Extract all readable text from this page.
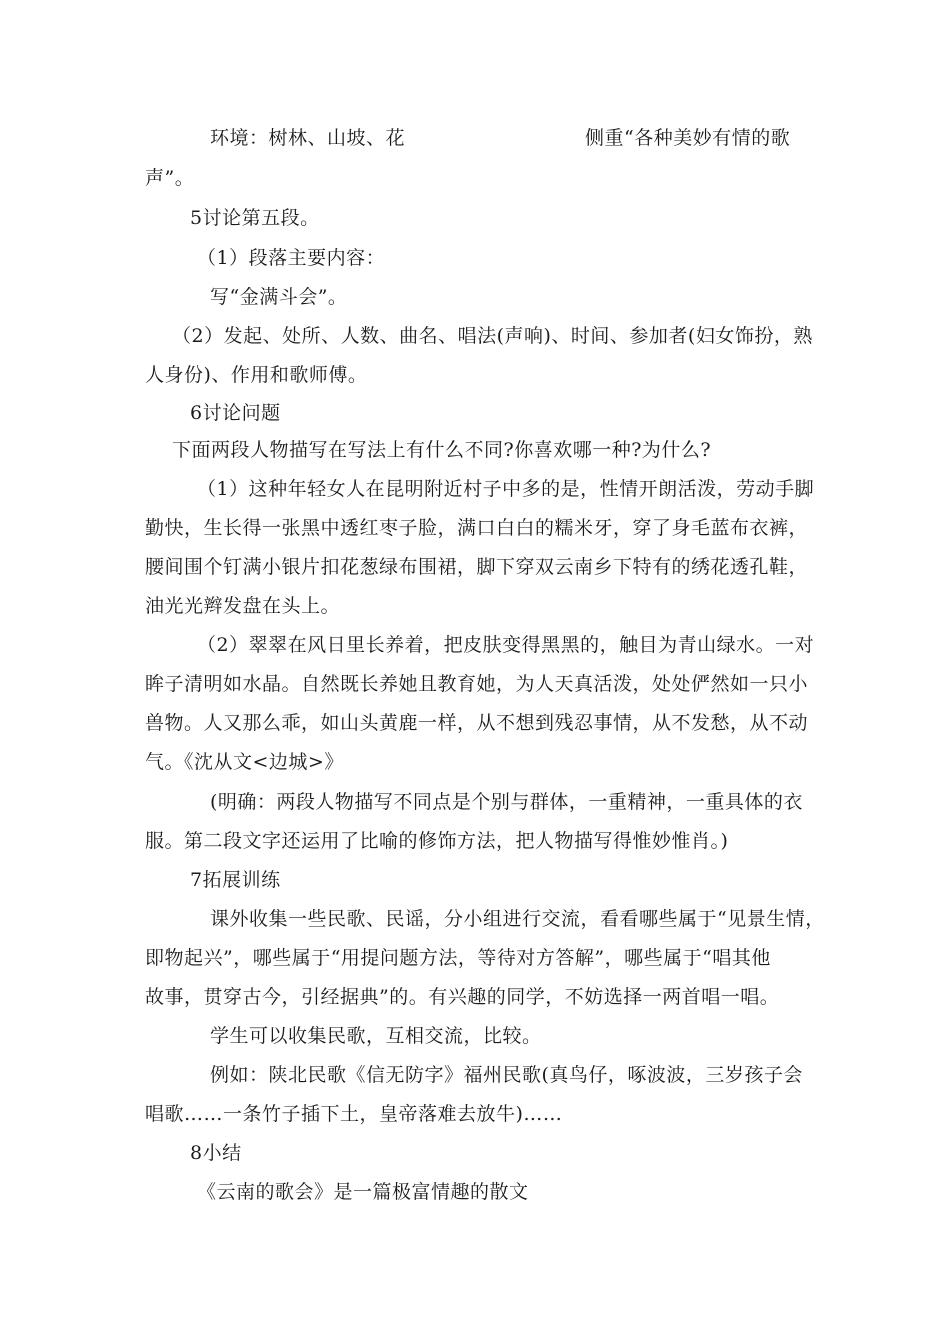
环境：树林、山坡、花	侧重“各种美妙有情的歌
声”。
5讨论第五段。
（1）段落主要内容：
写“金满斗会”。
（2）发起、处所、人数、曲名、唱法(声响)、时间、参加者(妇女饰扮，熟
人身份)、作用和歌师傅。
6讨论问题
下面两段人物描写在写法上有什么不同?你喜欢哪一种?为什么?
（1）这种年轻女人在昆明附近村子中多的是，性情开朗活泼，劳动手脚
勤快，生长得一张黑中透红枣子脸，满口白白的糯米牙，穿了身毛蓝布衣裤，
腰间围个钉满小银片扣花葱绿布围裙，脚下穿双云南乡下特有的绣花透孔鞋，
油光光辫发盘在头上。
（2）翠翠在风日里长养着，把皮肤变得黑黑的，触目为青山绿水。一对
眸子清明如水晶。自然既长养她且教育她，为人天真活泼，处处俨然如一只小
兽物。人又那么乖，如山头黄鹿一样，从不想到残忍事情，从不发愁，从不动
气。《沈从文<边城>》
(明确：两段人物描写不同点是个别与群体，一重精神，一重具体的衣
服。第二段文字还运用了比喻的修饰方法，把人物描写得惟妙惟肖。)
7拓展训练
课外收集一些民歌、民谣，分小组进行交流，看看哪些属于“见景生情，
即物起兴”，哪些属于“用提问题方法，等待对方答解”，哪些属于“唱其他
故事，贯穿古今，引经据典”的。有兴趣的同学，不妨选择一两首唱一唱。
学生可以收集民歌，互相交流，比较。
例如：陕北民歌《信无防字》福州民歌(真鸟仔，啄波波，三岁孩子会
唱歌……一条竹子插下土，皇帝落难去放牛)……
8小结
《云南的歌会》是一篇极富情趣的散文
